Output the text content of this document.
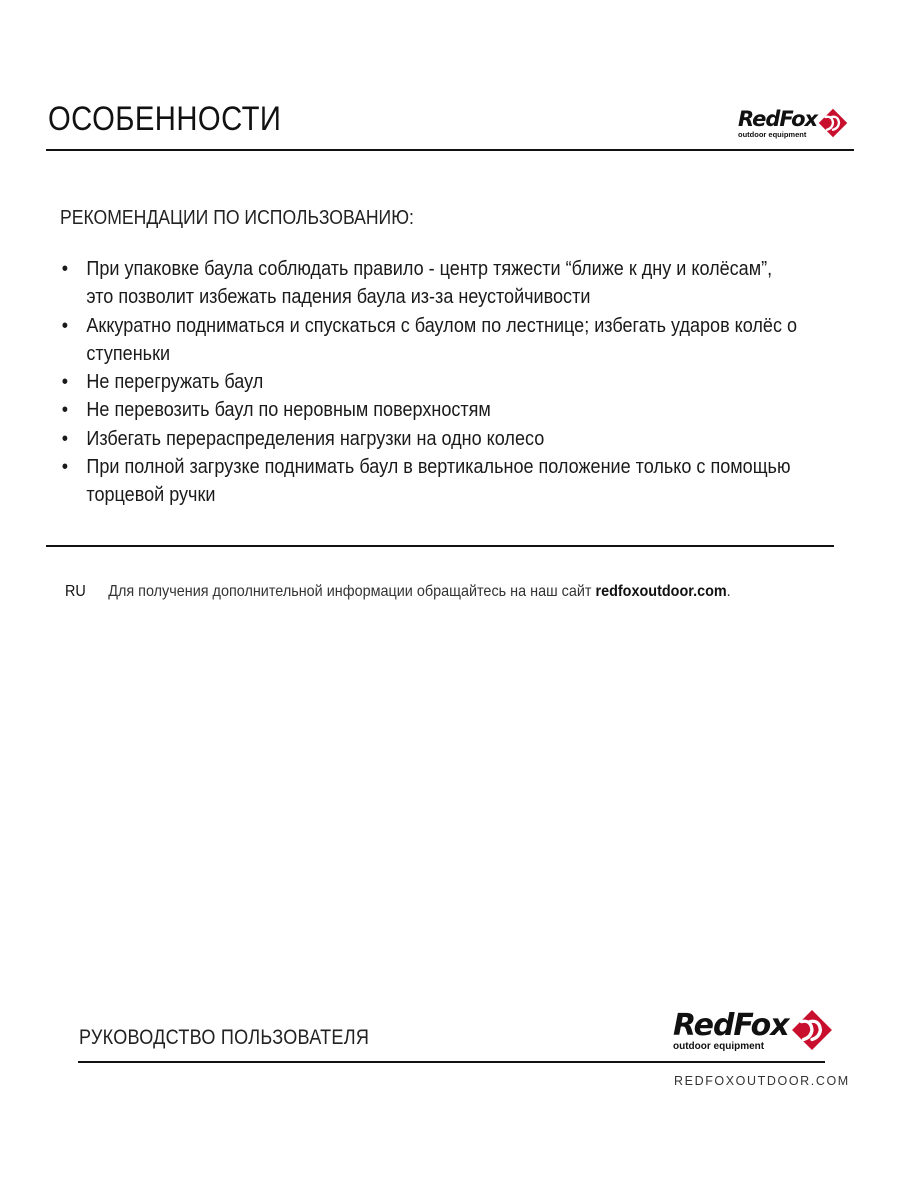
ОСОБЕННОСТИ	RedFox
outdoor equipment
РЕКОМЕНДАЦИИ ПО ИСПОЛЬЗОВАНИЮ:
• При упаковке баула соблюдать правило - центр тяжести “ближе к дну и колёсам”,
это позволит избежать падения баула из-за неустойчивости
• Аккуратно подниматься и спускаться с баулом по лестнице; избегать ударов колёс о
ступеньки
• Не перегружать баул
• Не перевозить баул по неровным поверхностям
• Избегать перераспределения нагрузки на одно колесо
• При полной загрузке поднимать баул в вертикальное положение только с помощью
торцевой ручки
RU Для получения дополнительной информации обращайтесь на наш сайт redfoxoutdoor.com.
РУКОВОДСТВО ПОЛЬЗОВАТЕЛЯ	RedFox
outdoor equipment
REDFOXOUTDOOR.COM
